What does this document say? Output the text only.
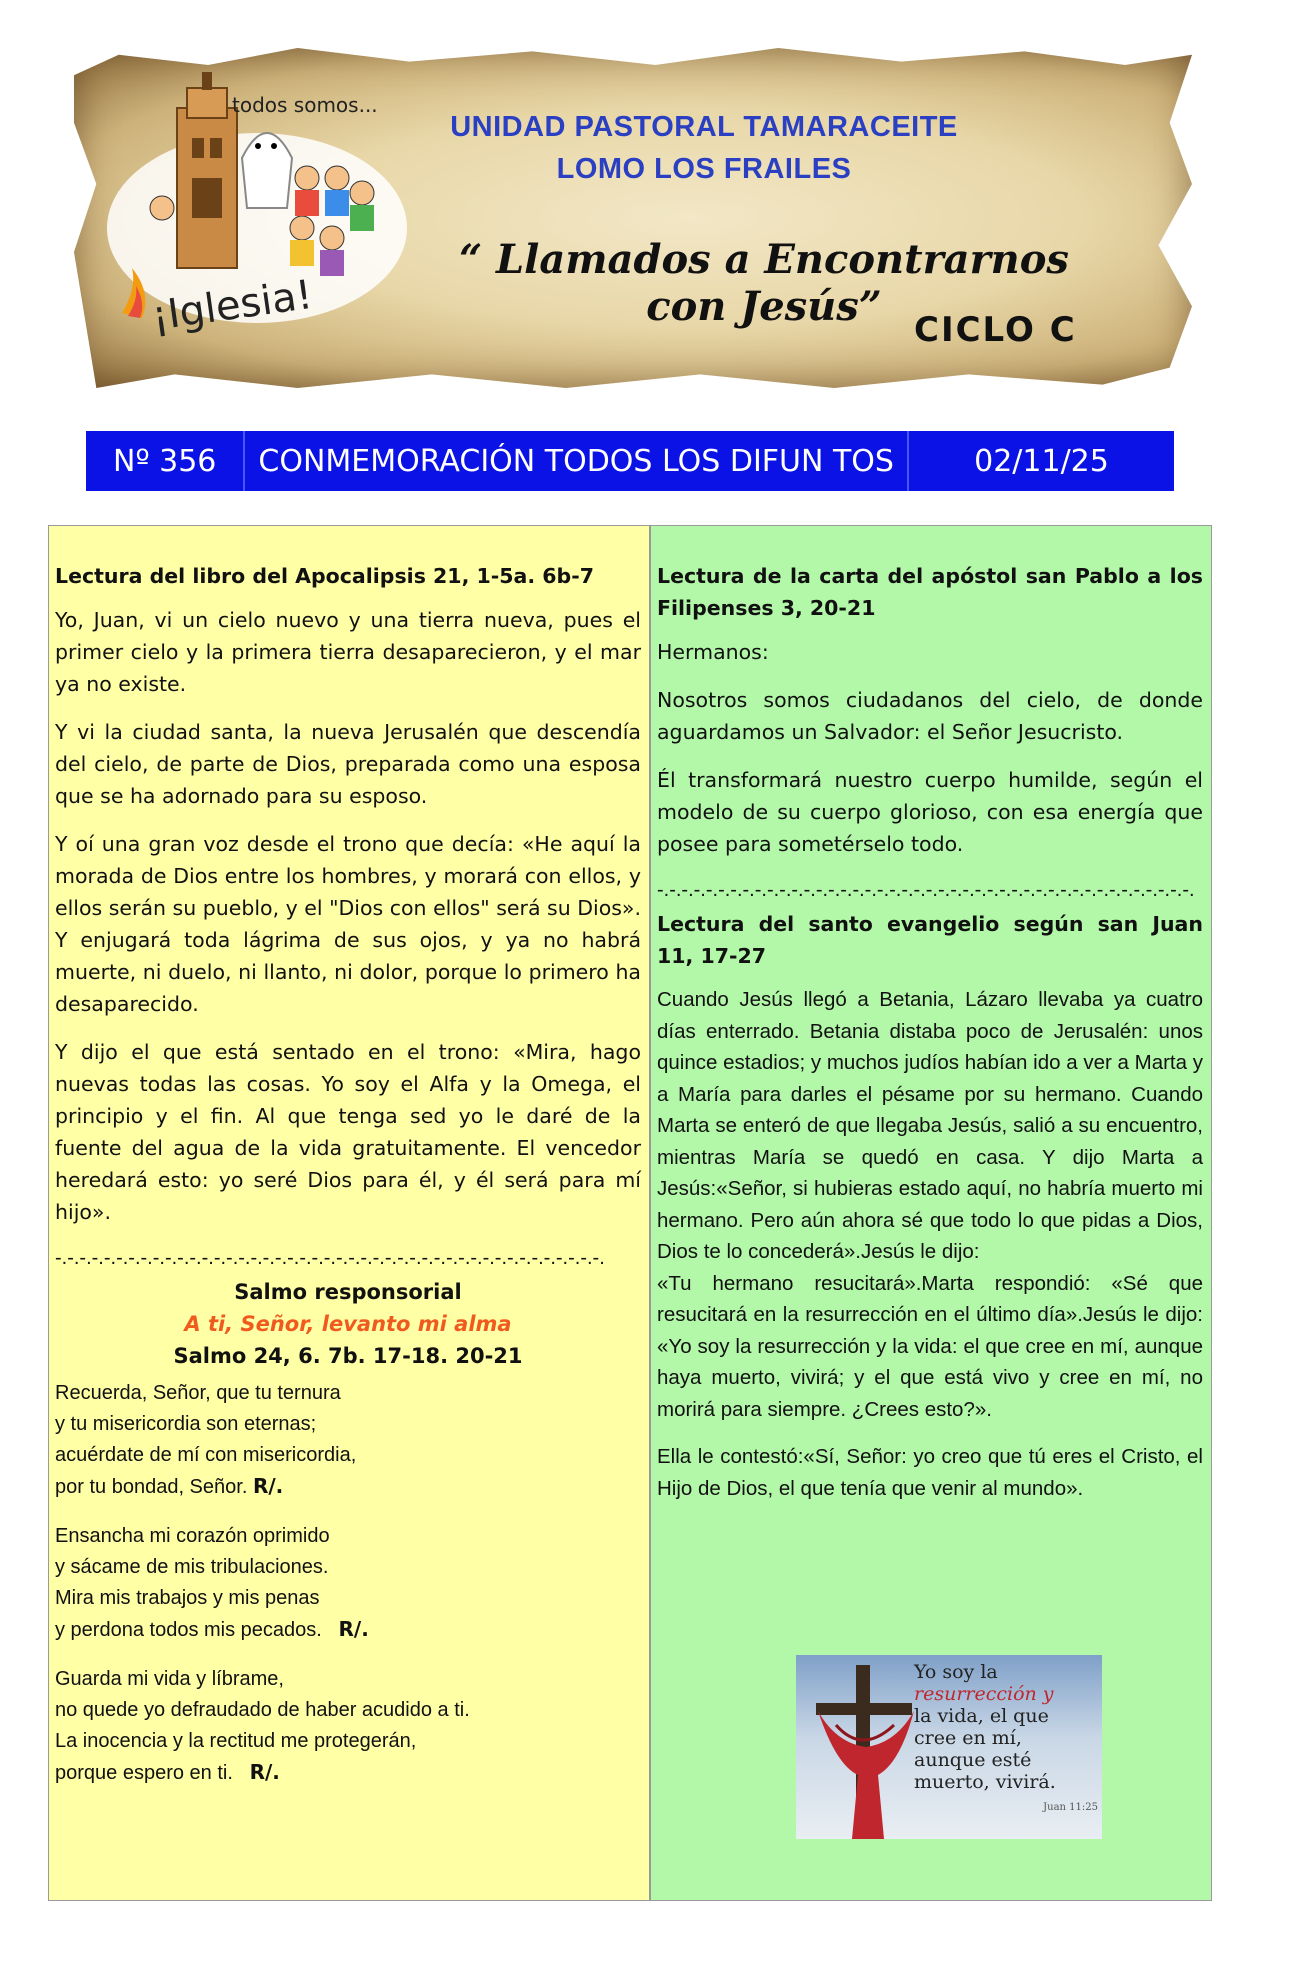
todos somos...
¡Iglesia!
UNIDAD PASTORAL TAMARACEITE
LOMO LOS FRAILES
“ Llamados a Encontrarnos con Jesús” CICLO C
Nº 356	CONMEMORACIÓN TODOS LOS DIFUN TOS	02/11/25

Lectura del libro del Apocalipsis 21, 1-5a. 6b-7

Yo, Juan, vi un cielo nuevo y una tierra nueva, pues el primer cielo y la primera tierra desaparecieron, y el mar ya no existe.

Y vi la ciudad santa, la nueva Jerusalén que descendía del cielo, de parte de Dios, preparada como una esposa que se ha adornado para su esposo.

Y oí una gran voz desde el trono que decía: «He aquí la morada de Dios entre los hombres, y morará con ellos, y ellos serán su pueblo, y el "Dios con ellos" será su Dios». Y enjugará toda lágrima de sus ojos, y ya no habrá muerte, ni duelo, ni llanto, ni dolor, porque lo primero ha desaparecido.

Y dijo el que está sentado en el trono: «Mira, hago nuevas todas las cosas. Yo soy el Alfa y la Omega, el principio y el fin. Al que tenga sed yo le daré de la fuente del agua de la vida gratuitamente. El vencedor heredará esto: yo seré Dios para él, y él será para mí hijo».

-.-.-.-.-.-.-.-.-.-.-.-.-.-.-.-.-.-.-.-.-.-.-.-.-.-.-.-.-.-.-.-.-.-.-.-.-.-.-.-.-.-.-.-.-.
Salmo responsorial
A ti, Señor, levanto mi alma
Salmo 24, 6. 7b. 17-18. 20-21
Recuerda, Señor, que tu ternura
y tu misericordia son eternas;
acuérdate de mí con misericordia,
por tu bondad, Señor. R/.
Ensancha mi corazón oprimido
y sácame de mis tribulaciones.
Mira mis trabajos y mis penas
y perdona todos mis pecados. R/.
Guarda mi vida y líbrame,
no quede yo defraudado de haber acudido a ti.
La inocencia y la rectitud me protegerán,
porque espero en ti. R/.

Lectura de la carta del apóstol san Pablo a los Filipenses 3, 20-21

Hermanos:

Nosotros somos ciudadanos del cielo, de donde aguardamos un Salvador: el Señor Jesucristo.

Él transformará nuestro cuerpo humilde, según el modelo de su cuerpo glorioso, con esa energía que posee para sometérselo todo.

-.-.-.-.-.-.-.-.-.-.-.-.-.-.-.-.-.-.-.-.-.-.-.-.-.-.-.-.-.-.-.-.-.-.-.-.-.-.-.-.-.-.-.-.

Lectura del santo evangelio según san Juan 11, 17-27

Cuando Jesús llegó a Betania, Lázaro llevaba ya cuatro días enterrado. Betania distaba poco de Jerusalén: unos quince estadios; y muchos judíos habían ido a ver a Marta y a María para darles el pésame por su hermano. Cuando Marta se enteró de que llegaba Jesús, salió a su encuentro, mientras María se quedó en casa. Y dijo Marta a Jesús:«Señor, si hubieras estado aquí, no habría muerto mi hermano. Pero aún ahora sé que todo lo que pidas a Dios, Dios te lo concederá».Jesús le dijo:

«Tu hermano resucitará».Marta respondió: «Sé que resucitará en la resurrección en el último día».Jesús le dijo: «Yo soy la resurrección y la vida: el que cree en mí, aunque haya muerto, vivirá; y el que está vivo y cree en mí, no morirá para siempre. ¿Crees esto?».

Ella le contestó:«Sí, Señor: yo creo que tú eres el Cristo, el Hijo de Dios, el que tenía que venir al mundo».

Yo soy la
resurrección y
la vida, el que
cree en mí,
aunque esté
muerto, vivirá.
Juan 11:25
